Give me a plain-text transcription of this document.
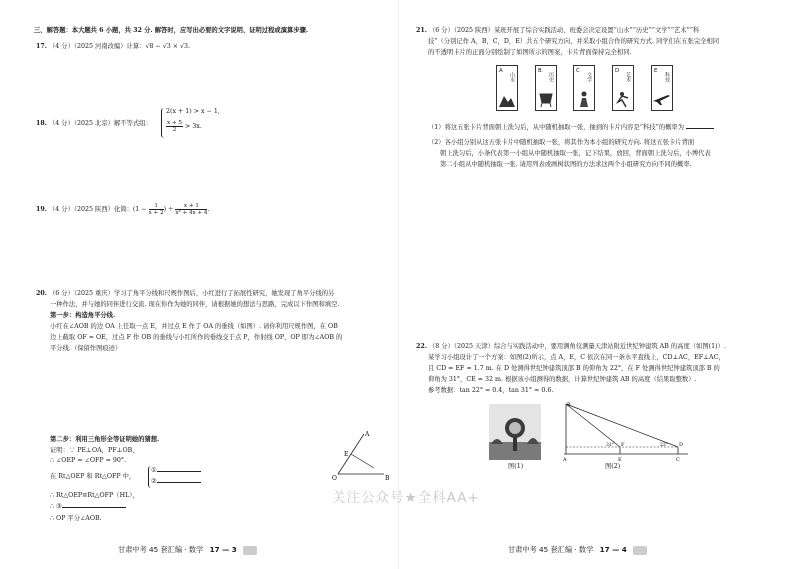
三、解答题：本大题共 6 小题，共 32 分. 解答时，应写出必要的文字说明、证明过程或演算步骤.
17. （4 分）（2025 河南改编）计算：√8 − √3 × √3.
18. （4 分）（2025 北京）解不等式组：
2(x + 1) > x − 1,
$\frac{x + 5}{2} > 3x$.
19. （4 分）（2025 陕西）化简：($1 - \frac{1}{x + 2}$ ) ÷ $\frac{x + 1}{\text{x² + 4x + 4}}$ .
20. （6 分）（2025 重庆）学习了角平分线和尺规作图后，小红进行了拓展性研究，她发现了角平分线的另
一种作法，并与她的同伴进行交流. 现在你作为她的同伴，请根据她的想法与思路，完成以下作图和填空.
第一步：构造角平分线.
小红在∠AOB 的边 OA 上任取一点 E，并过点 E 作了 OA 的垂线（如图）. 请你利用尺规作图，在 OB
边上截取 OF = OE，过点 F 作 OB 的垂线与小红所作的垂线交于点 P，作射线 OP，OP 即为∠AOB 的
平分线.（保留作图痕迹）
第二步：利用三角形全等证明她的猜想.
证明：∵ PE⊥OA，PF⊥OB，
∴ ∠OEP = ∠OFP = 90°.
在 Rt△OEP 和 Rt△OFP 中，
①
②
∴ Rt△OEP≌Rt△OFP（HL），
∴ ③
∴ OP 平分∠AOB.
A
O	B
E
甘肃中考 45 套汇编 · 数学 17 — 3
21. （6 分）（2025 陕西）某班开展了综合实践活动，班委会决定设置“山水”“历史”“文学”“艺术”“科
技”（分别记作 A，B，C，D，E）共五个研究方向，并采取小组合作的研究方式. 同学们在五张完全相同
的不透明卡片的正面分别绘制了如图所示的图案，卡片背面保持完全相同.
A
山水
B
历史
C
文学
D
艺术
E
科技
（1）将这五张卡片背面朝上洗匀后，从中随机抽取一张，抽到的卡片内容是“科技”的概率为
（2）各小组分别从这五张卡片中随机抽取一张，将其作为本小组的研究方向. 将这五张卡片背面
朝上洗匀后，小条代表第一小组从中随机抽取一张，记下结果，放回，背面朝上洗匀后，小博代表
第二小组从中随机抽取一张. 请用列表或画树状图的方法求这两个小组研究方向不同的概率.
22. （8 分）（2025 天津）综合与实践活动中，要用测角仪测量天津站附近世纪钟建筑 AB 的高度（如图(1)）.
某学习小组设计了一个方案：如图(2)所示，点 A，E，C 依次在同一条水平直线上，CD⊥AC，EF⊥AC，
且 CD = EF = 1.7 m. 在 D 处测得世纪钟建筑顶部 B 的仰角为 22°，在 F 处测得世纪钟建筑顶部 B 的
仰角为 31°，CE = 32 m. 根据该小组测得的数据，计算世纪钟建筑 AB 的高度（结果取整数）.
参考数据：tan 22° ≈ 0.4，tan 31° ≈ 0.6.
图(1)
B
A	E	C
F	D
31°	22°
图(2)
甘肃中考 45 套汇编 · 数学 17 — 4
关注公众号★全科AA+
